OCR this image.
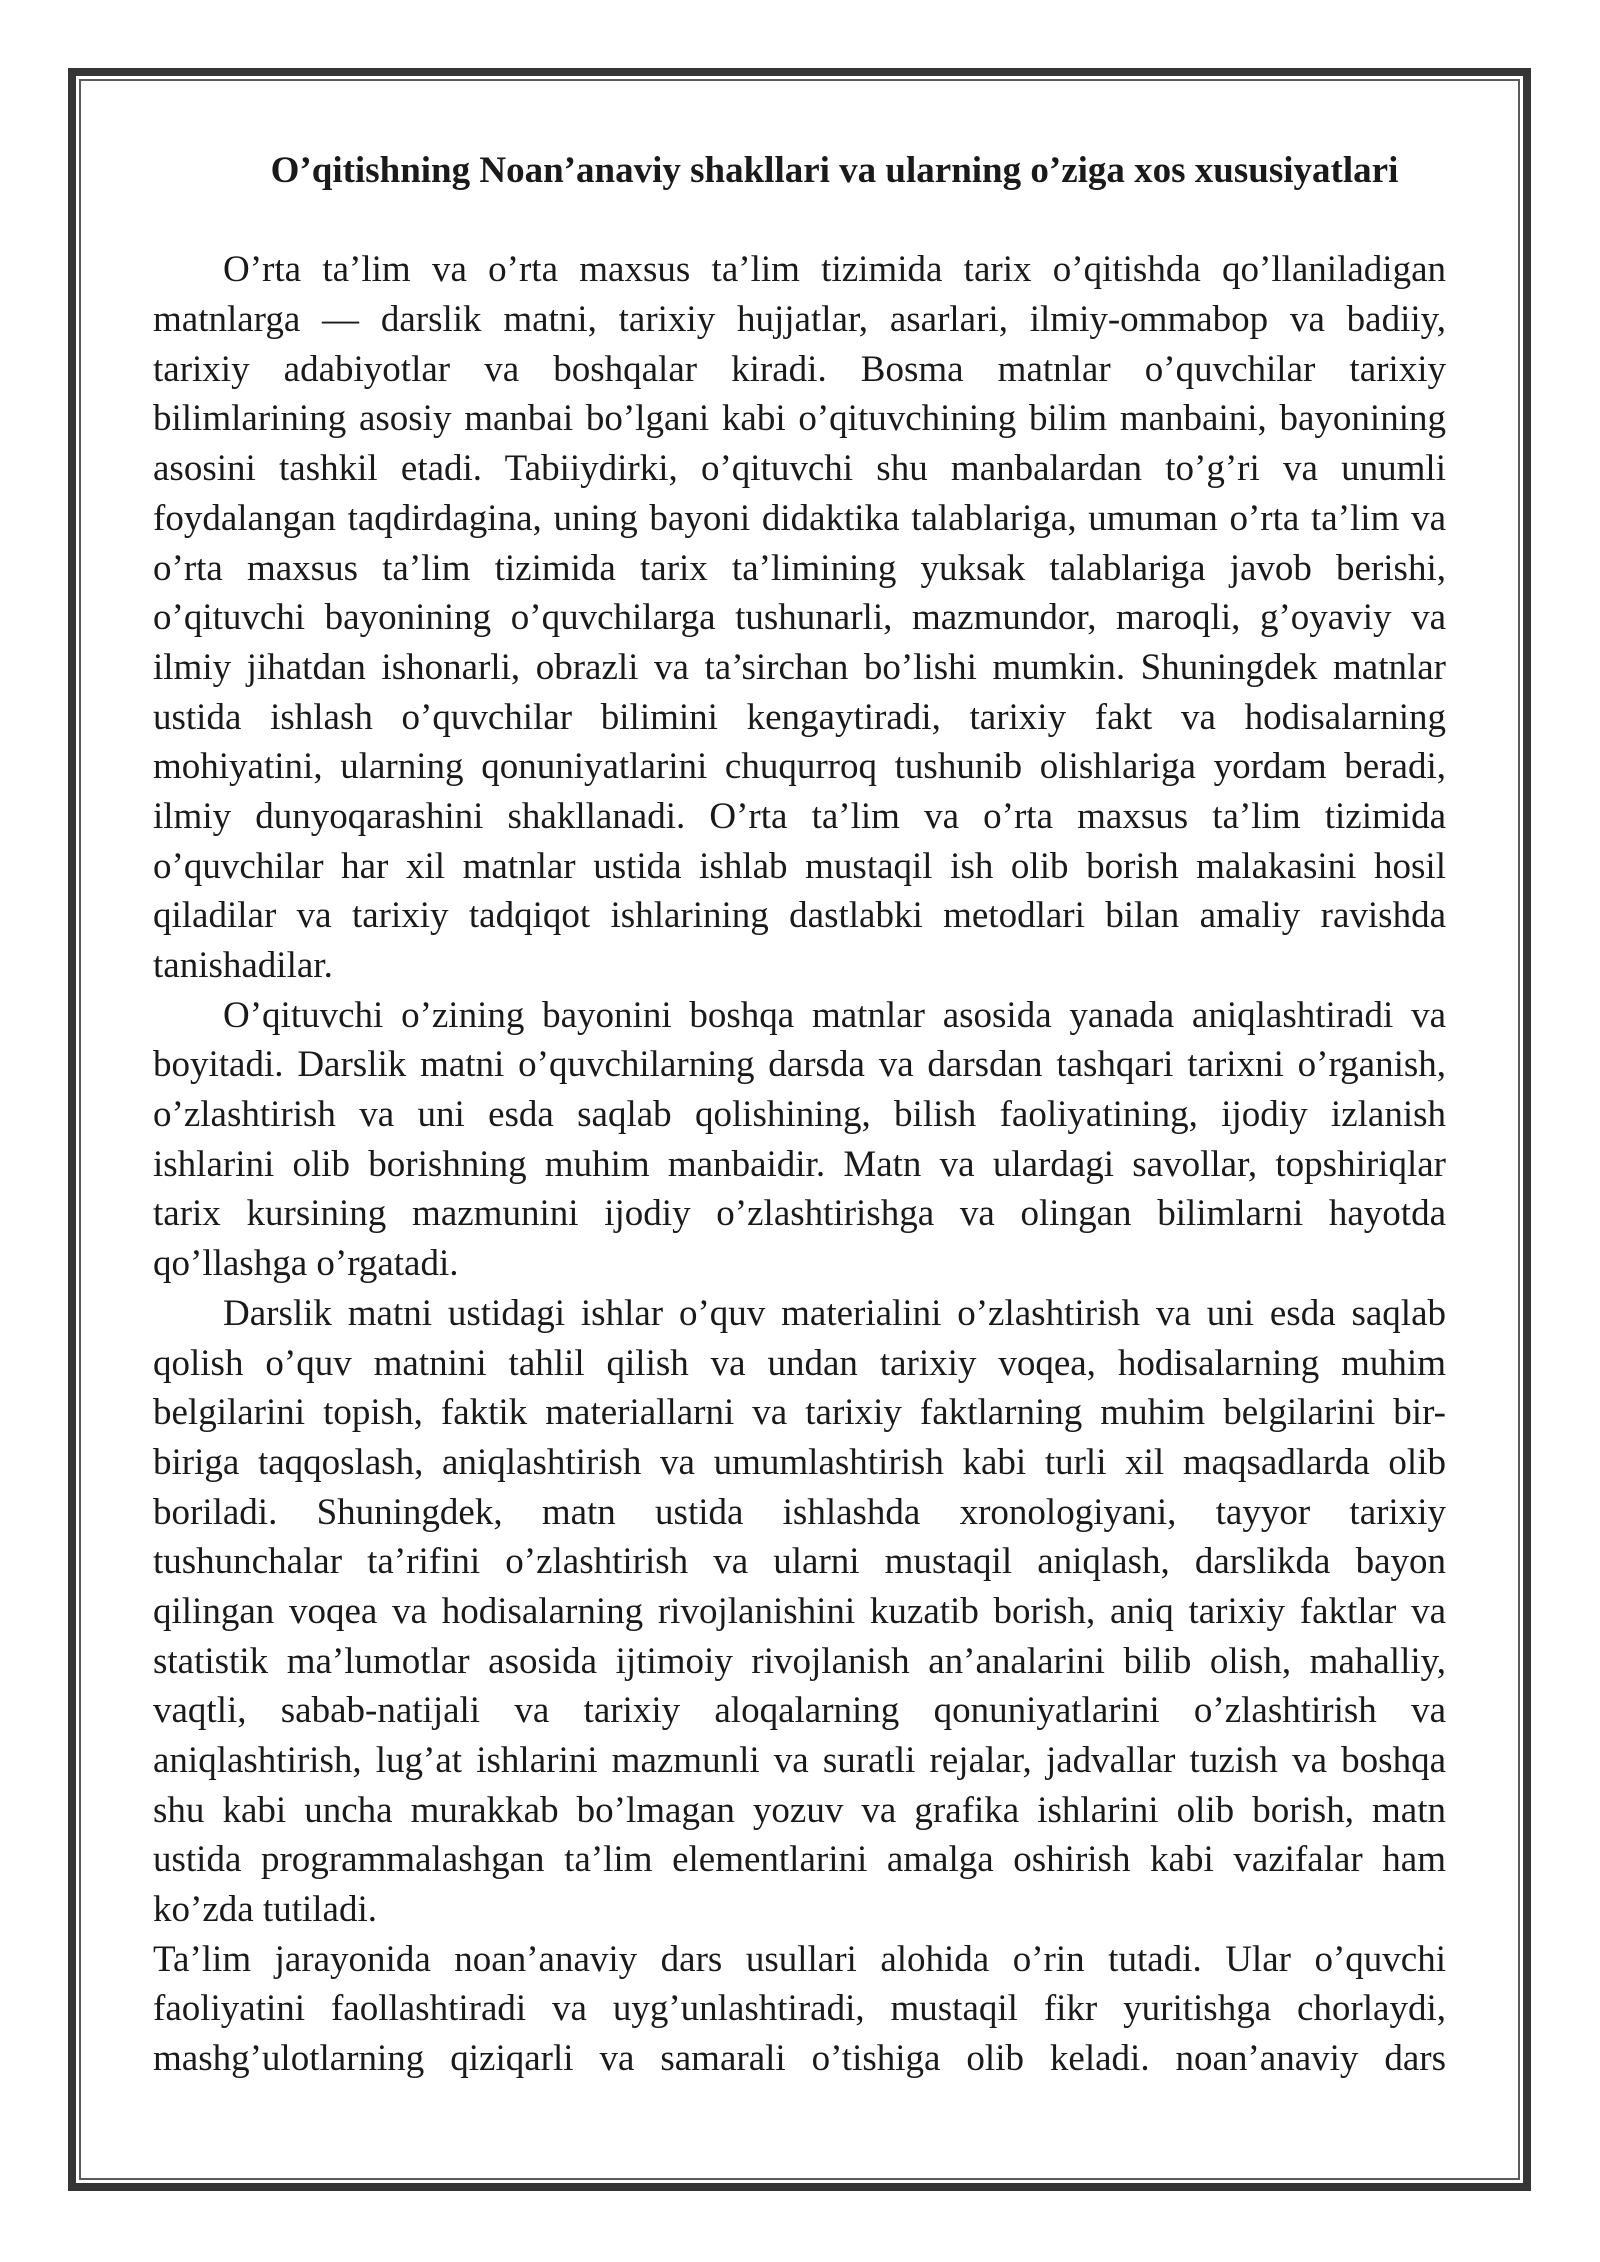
O’qitishning Noan’anaviy shakllari va ularning o’ziga xos xususiyatlari
O’rta ta’lim va o’rta maxsus ta’lim tizimida tarix o’qitishda qo’llaniladigan
matnlarga — darslik matni, tarixiy hujjatlar, asarlari, ilmiy-ommabop va badiiy,
tarixiy adabiyotlar va boshqalar kiradi. Bosma matnlar o’quvchilar tarixiy
bilimlarining asosiy manbai bo’lgani kabi o’qituvchining bilim manbaini, bayonining
asosini tashkil etadi. Tabiiydirki, o’qituvchi shu manbalardan to’g’ri va unumli
foydalangan taqdirdagina, uning bayoni didaktika talablariga, umuman o’rta ta’lim va
o’rta maxsus ta’lim tizimida tarix ta’limining yuksak talablariga javob berishi,
o’qituvchi bayonining o’quvchilarga tushunarli, mazmundor, maroqli, g’oyaviy va
ilmiy jihatdan ishonarli, obrazli va ta’sirchan bo’lishi mumkin. Shuningdek matnlar
ustida ishlash o’quvchilar bilimini kengaytiradi, tarixiy fakt va hodisalarning
mohiyatini, ularning qonuniyatlarini chuqurroq tushunib olishlariga yordam beradi,
ilmiy dunyoqarashini shakllanadi. O’rta ta’lim va o’rta maxsus ta’lim tizimida
o’quvchilar har xil matnlar ustida ishlab mustaqil ish olib borish malakasini hosil
qiladilar va tarixiy tadqiqot ishlarining dastlabki metodlari bilan amaliy ravishda
tanishadilar.
O’qituvchi o’zining bayonini boshqa matnlar asosida yanada aniqlashtiradi va
boyitadi. Darslik matni o’quvchilarning darsda va darsdan tashqari tarixni o’rganish,
o’zlashtirish va uni esda saqlab qolishining, bilish faoliyatining, ijodiy izlanish
ishlarini olib borishning muhim manbaidir. Matn va ulardagi savollar, topshiriqlar
tarix kursining mazmunini ijodiy o’zlashtirishga va olingan bilimlarni hayotda
qo’llashga o’rgatadi.
Darslik matni ustidagi ishlar o’quv materialini o’zlashtirish va uni esda saqlab
qolish o’quv matnini tahlil qilish va undan tarixiy voqea, hodisalarning muhim
belgilarini topish, faktik materiallarni va tarixiy faktlarning muhim belgilarini bir-
biriga taqqoslash, aniqlashtirish va umumlashtirish kabi turli xil maqsadlarda olib
boriladi. Shuningdek, matn ustida ishlashda xronologiyani, tayyor tarixiy
tushunchalar ta’rifini o’zlashtirish va ularni mustaqil aniqlash, darslikda bayon
qilingan voqea va hodisalarning rivojlanishini kuzatib borish, aniq tarixiy faktlar va
statistik ma’lumotlar asosida ijtimoiy rivojlanish an’analarini bilib olish, mahalliy,
vaqtli, sabab-natijali va tarixiy aloqalarning qonuniyatlarini o’zlashtirish va
aniqlashtirish, lug’at ishlarini mazmunli va suratli rejalar, jadvallar tuzish va boshqa
shu kabi uncha murakkab bo’lmagan yozuv va grafika ishlarini olib borish, matn
ustida programmalashgan ta’lim elementlarini amalga oshirish kabi vazifalar ham
ko’zda tutiladi.
Ta’lim jarayonida noan’anaviy dars usullari alohida o’rin tutadi. Ular o’quvchi
faoliyatini faollashtiradi va uyg’unlashtiradi, mustaqil fikr yuritishga chorlaydi,
mashg’ulotlarning qiziqarli va samarali o’tishiga olib keladi. noan’anaviy dars
